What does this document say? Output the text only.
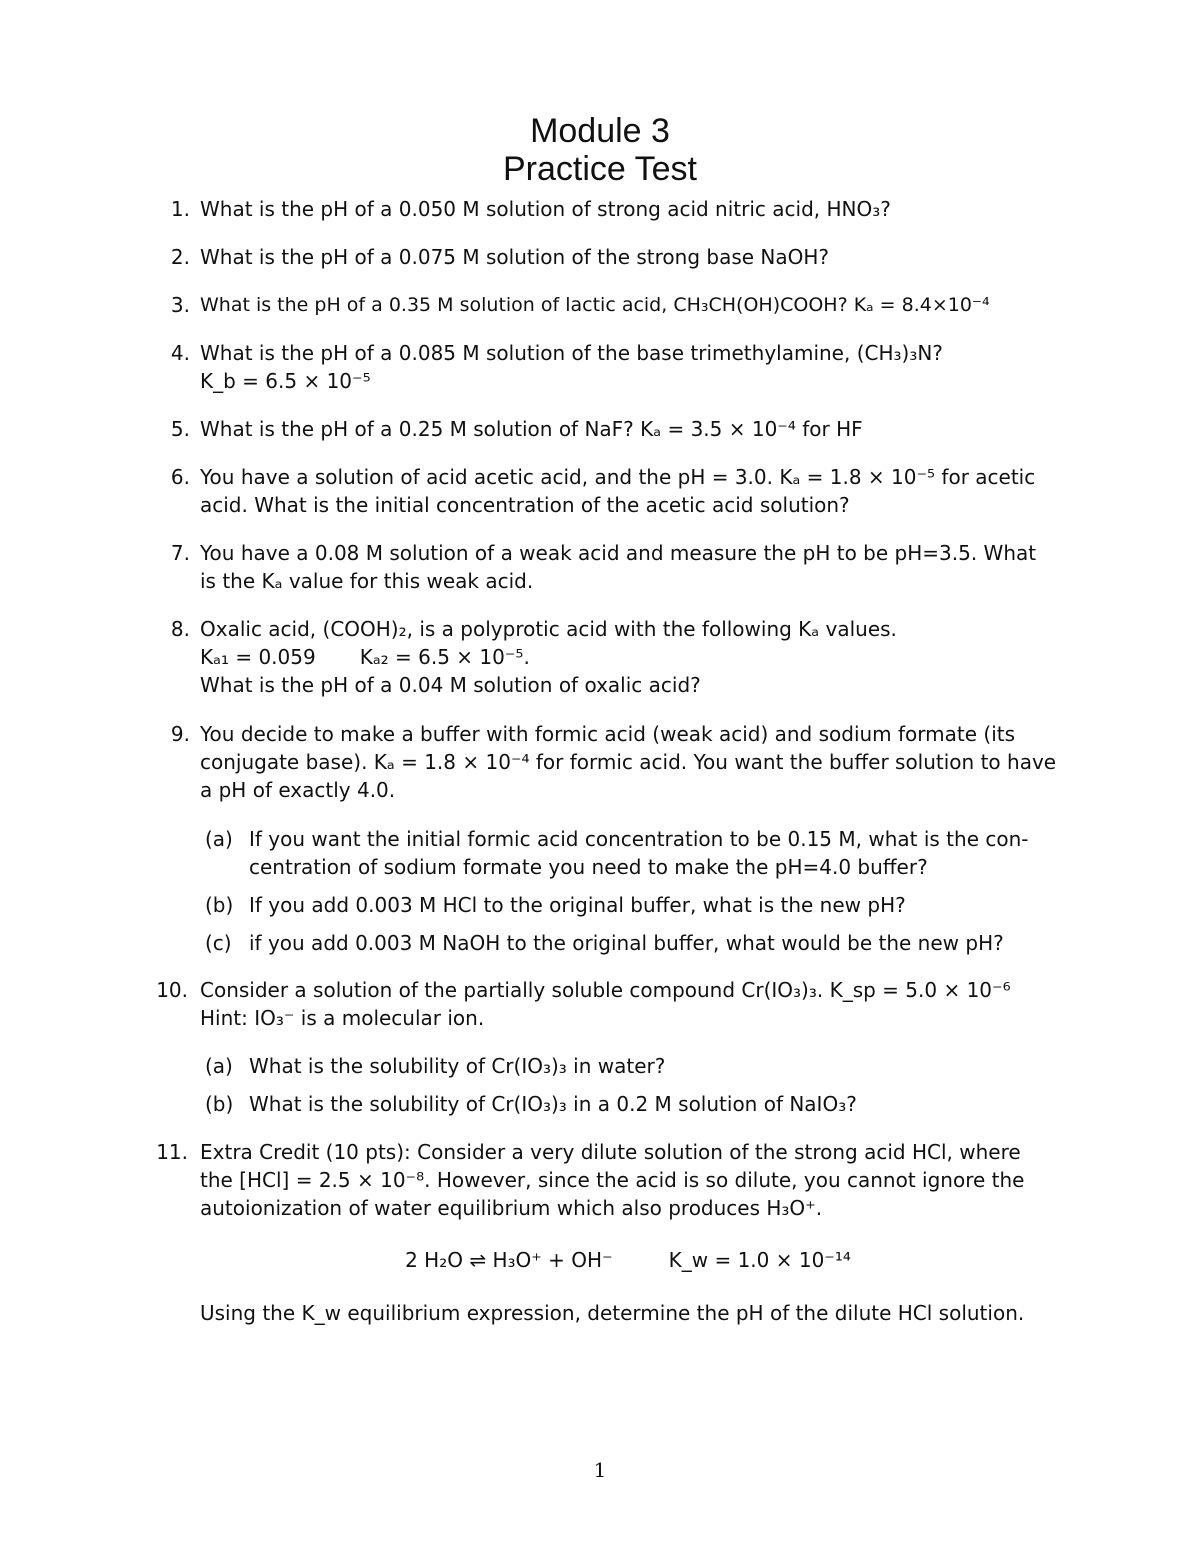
Module 3
Practice Test
1. What is the pH of a 0.050 M solution of strong acid nitric acid, HNO₃?
2. What is the pH of a 0.075 M solution of the strong base NaOH?
3. What is the pH of a 0.35 M solution of lactic acid, CH₃CH(OH)COOH? Kₐ = 8.4×10⁻⁴
4. What is the pH of a 0.085 M solution of the base trimethylamine, (CH₃)₃N?
K_b = 6.5 × 10⁻⁵
5. What is the pH of a 0.25 M solution of NaF? Kₐ = 3.5 × 10⁻⁴ for HF
6. You have a solution of acid acetic acid, and the pH = 3.0. Kₐ = 1.8 × 10⁻⁵ for acetic
acid. What is the initial concentration of the acetic acid solution?
7. You have a 0.08 M solution of a weak acid and measure the pH to be pH=3.5. What
is the Kₐ value for this weak acid.
8. Oxalic acid, (COOH)₂, is a polyprotic acid with the following Kₐ values.
Kₐ₁ = 0.059 Kₐ₂ = 6.5 × 10⁻⁵.
What is the pH of a 0.04 M solution of oxalic acid?
9. You decide to make a buffer with formic acid (weak acid) and sodium formate (its
conjugate base). Kₐ = 1.8 × 10⁻⁴ for formic acid. You want the buffer solution to have
a pH of exactly 4.0.
(a) If you want the initial formic acid concentration to be 0.15 M, what is the con-
centration of sodium formate you need to make the pH=4.0 buffer?
(b) If you add 0.003 M HCl to the original buffer, what is the new pH?
(c) if you add 0.003 M NaOH to the original buffer, what would be the new pH?
10. Consider a solution of the partially soluble compound Cr(IO₃)₃. K_sp = 5.0 × 10⁻⁶
Hint: IO₃⁻ is a molecular ion.
(a) What is the solubility of Cr(IO₃)₃ in water?
(b) What is the solubility of Cr(IO₃)₃ in a 0.2 M solution of NaIO₃?
11. Extra Credit (10 pts): Consider a very dilute solution of the strong acid HCl, where
the [HCl] = 2.5 × 10⁻⁸. However, since the acid is so dilute, you cannot ignore the
autoionization of water equilibrium which also produces H₃O⁺.
2 H₂O ⇌ H₃O⁺ + OH⁻	K_w = 1.0 × 10⁻¹⁴
Using the K_w equilibrium expression, determine the pH of the dilute HCl solution.
1
